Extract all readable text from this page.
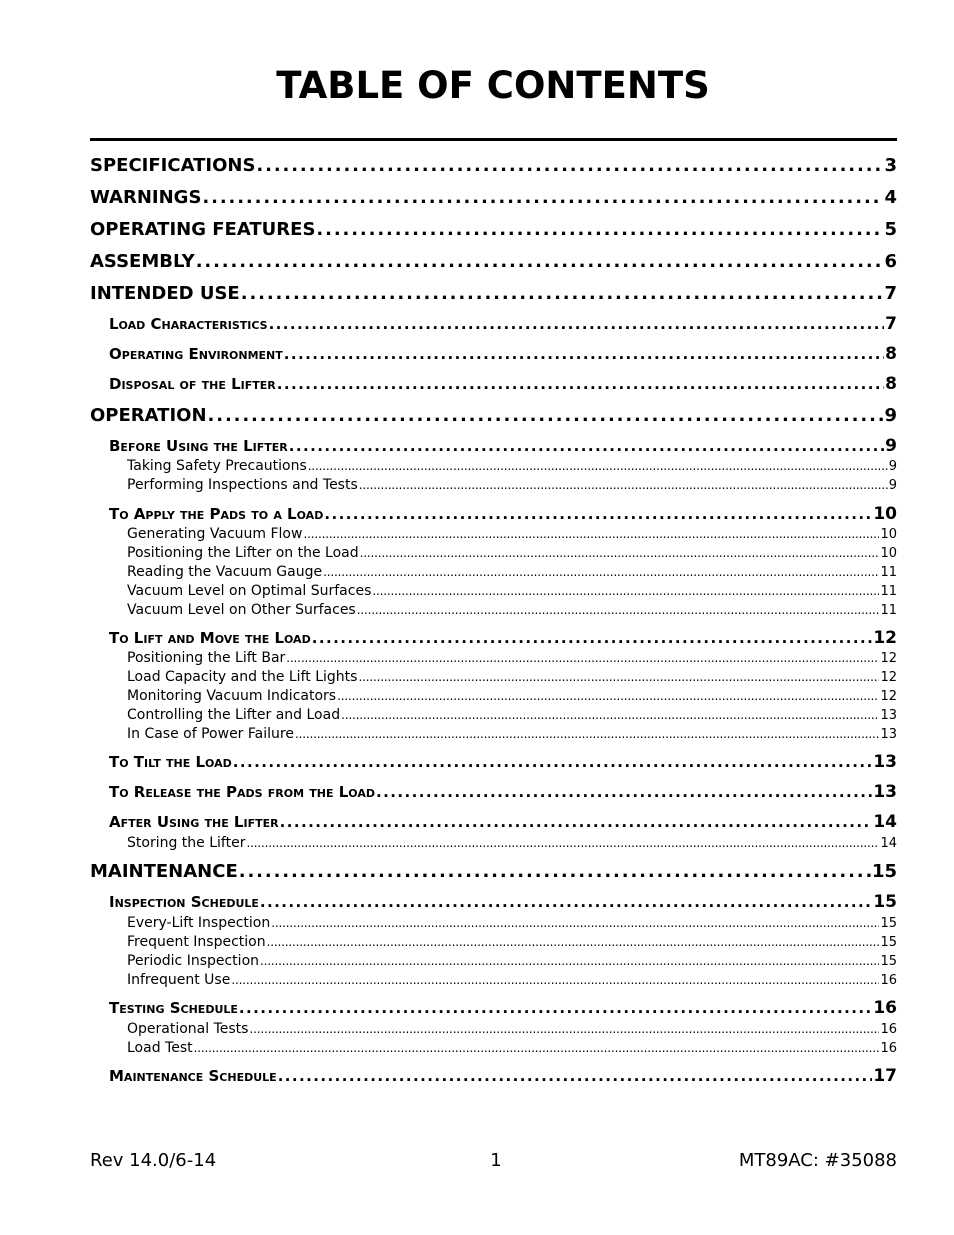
TABLE OF CONTENTS
SPECIFICATIONS . . .	3
WARNINGS . . .	4
OPERATING FEATURES . . .	5
ASSEMBLY . . .	6
INTENDED USE . . .	7
Load Characteristics . . .	7
Operating Environment . . .	8
Disposal of the Lifter . . .	8
OPERATION . . .	9
Before Using the Lifter . . .	9
Taking Safety Precautions . . .	9
Performing Inspections and Tests . . .	9
To Apply the Pads to a Load . . .	10
Generating Vacuum Flow . . .	10
Positioning the Lifter on the Load . . .	10
Reading the Vacuum Gauge . . .	11
Vacuum Level on Optimal Surfaces . . .	11
Vacuum Level on Other Surfaces . . .	11
To Lift and Move the Load . . .	12
Positioning the Lift Bar . . .	12
Load Capacity and the Lift Lights . . .	12
Monitoring Vacuum Indicators . . .	12
Controlling the Lifter and Load . . .	13
In Case of Power Failure . . .	13
To Tilt the Load . . .	13
To Release the Pads from the Load . . .	13
After Using the Lifter . . .	14
Storing the Lifter . . .	14
MAINTENANCE . . .	15
Inspection Schedule . . .	15
Every-Lift Inspection . . .	15
Frequent Inspection . . .	15
Periodic Inspection . . .	15
Infrequent Use . . .	16
Testing Schedule . . .	16
Operational Tests . . .	16
Load Test . . .	16
Maintenance Schedule . . .	17
Rev 14.0/6-14	1	MT89AC: #35088
